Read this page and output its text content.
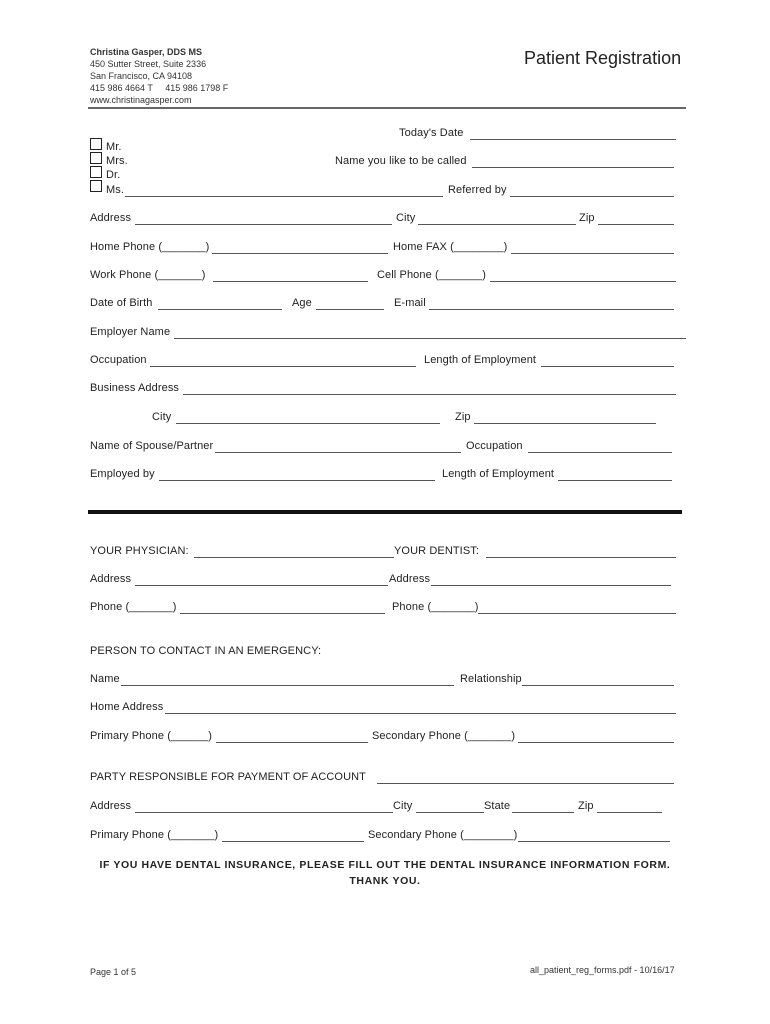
Christina Gasper, DDS MS
450 Sutter Street, Suite 2336
San Francisco, CA 94108
415 986 4664 T     415 986 1798 F
www.christinagasper.com
Patient Registration
Today's Date
Mr.
Mrs.
Dr.
Ms.
Name you like to be called
Referred by
Address	City	Zip
Home Phone (_______)	Home FAX (________)
Work Phone (_______)	Cell Phone (_______)
Date of Birth	Age	E-mail
Employer Name
Occupation	Length of Employment
Business Address
City	Zip
Name of Spouse/Partner	Occupation
Employed by	Length of Employment
YOUR PHYSICIAN:	YOUR DENTIST:
Address	Address
Phone (_______)	Phone (_______)
PERSON TO CONTACT IN AN EMERGENCY:
Name	Relationship
Home Address
Primary Phone (______)	Secondary Phone (_______)
PARTY RESPONSIBLE FOR PAYMENT OF ACCOUNT
Address	City	State	Zip
Primary Phone (_______)	Secondary Phone (________)
IF YOU HAVE DENTAL INSURANCE, PLEASE FILL OUT THE DENTAL INSURANCE INFORMATION FORM.
THANK YOU.
Page 1 of 5	all_patient_reg_forms.pdf - 10/16/17
